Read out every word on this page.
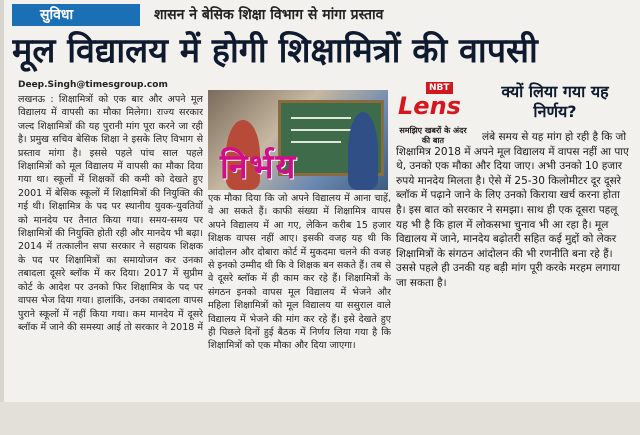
सुविधा	शासन ने बेसिक शिक्षा विभाग से मांगा प्रस्ताव
मूल विद्यालय में होगी शिक्षामित्रों की वापसी
Deep.Singh@timesgroup.com
लखनऊ : शिक्षामित्रों को एक बार और अपने मूल विद्यालय में वापसी का मौका मिलेगा। राज्य सरकार जल्द शिक्षामित्रों की यह पुरानी मांग पूरा करने जा रही है। प्रमुख सचिव बेसिक शिक्षा ने इसके लिए विभाग से प्रस्ताव मांगा है। इससे पहले पांच साल पहले शिक्षामित्रों को मूल विद्यालय में वापसी का मौका दिया गया था। स्कूलों में शिक्षकों की कमी को देखते हुए 2001 में बेसिक स्कूलों में शिक्षामित्रों की नियुक्ति की गई थी। शिक्षामित्र के पद पर स्थानीय युवक-युवतियों को मानदेय पर तैनात किया गया। समय-समय पर शिक्षामित्रों की नियुक्ति होती रही और मानदेय भी बढ़ा। 2014 में तत्कालीन सपा सरकार ने सहायक शिक्षक के पद पर शिक्षामित्रों का समायोजन कर उनका तबादला दूसरे ब्लॉक में कर दिया। 2017 में सुप्रीम कोर्ट के आदेश पर उनको फिर शिक्षामित्र के पद पर वापस भेज दिया गया। हालांकि, उनका तबादला वापस पुराने स्कूलों में नहीं किया गया। कम मानदेय में दूसरे ब्लॉक में जाने की समस्या आई तो सरकार ने 2018 में
निर्भय
एक मौका दिया कि जो अपने विद्यालय में आना चाहें, वे आ सकते हैं। काफी संख्या में शिक्षामित्र वापस अपने विद्यालय में आ गए, लेकिन करीब 15 हजार शिक्षक वापस नहीं आए। इसकी वजह यह थी कि आंदोलन और दोबारा कोर्ट में मुकदमा चलने की वजह से इनको उम्मीद थी कि वे शिक्षक बन सकते हैं। तब से वे दूसरे ब्लॉक में ही काम कर रहे हैं। शिक्षामित्रों के संगठन इनको वापस मूल विद्यालय में भेजने और महिला शिक्षामित्रों को मूल विद्यालय या ससुराल वाले विद्यालय में भेजने की मांग कर रहे हैं। इसे देखते हुए ही पिछले दिनों हुई बैठक में निर्णय लिया गया है कि शिक्षामित्रों को एक मौका और दिया जाएगा।
NBT
Lens
समझिए खबरों के अंदर की बात
क्यों लिया गया यह निर्णय?
लंबे समय से यह मांग हो रही है कि जो
शिक्षामित्र 2018 में अपने मूल विद्यालय में वापस नहीं आ पाए थे, उनको एक मौका और दिया जाए। अभी उनको 10 हजार रुपये मानदेय मिलता है। ऐसे में 25-30 किलोमीटर दूर दूसरे ब्लॉक में पढ़ाने जाने के लिए उनको किराया खर्च करना होता है। इस बात को सरकार ने समझा। साथ ही एक दूसरा पहलू यह भी है कि हाल में लोकसभा चुनाव भी आ रहा है। मूल विद्यालय में जाने, मानदेय बढ़ोतरी सहित कई मुद्दों को लेकर शिक्षामित्रों के संगठन आंदोलन की भी रणनीति बना रहे हैं। उससे पहले ही उनकी यह बड़ी मांग पूरी करके मरहम लगाया जा सकता है।
